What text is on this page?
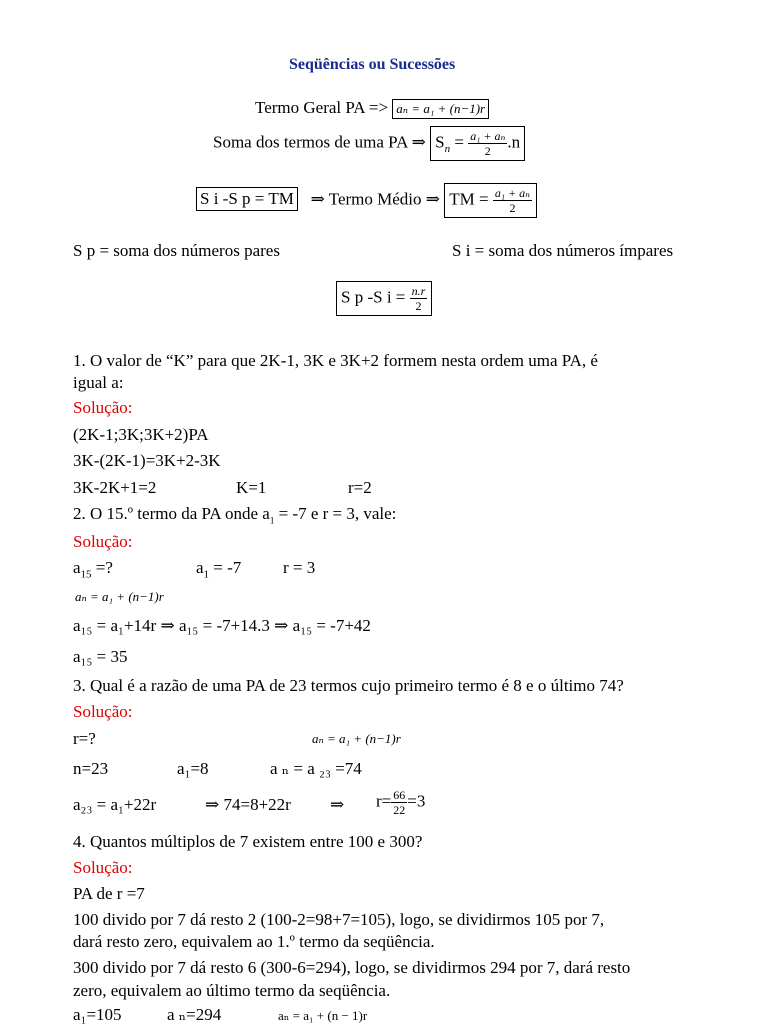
Seqüências ou Sucessões
Termo Geral PA => aₙ = a₁ + (n−1)r
Soma dos termos de uma PA ⇒ $S_n = \frac{\text{a₁ + aₙ}}{2} .n$
S i -S p = TM ⇒ Termo Médio ⇒ TM = $\frac{\text{a₁ + aₙ}}{2}$
S p = soma dos números pares	S i = soma dos números ímpares
S p -S $i = \frac{n.r}{2}$
1. O valor de “K” para que 2K-1, 3K e 3K+2 formem nesta ordem uma PA, é
igual a:
Solução:
(2K-1;3K;3K+2)PA
3K-(2K-1)=3K+2-3K
3K-2K+1=2	K=1	r=2
2. O 15.º termo da PA onde $a_1 = -7$ e r = 3, vale:
Solução:
$a_{15}$ =?	$a_1 = -7$ r = 3
aₙ = a₁ + (n−1)r
a₁₅ = a₁+14r ⇒ a₁₅ = -7+14.3 ⇒ a₁₅ = -7+42
a₁₅ = 35
3. Qual é a razão de uma PA de 23 termos cujo primeiro termo é 8 e o último 74?
Solução:
r=?	aₙ = a₁ + (n−1)r
n=23	a₁=8	a ₙ = a ₂₃ =74
a₂₃ = a₁+22r	⇒ 74=8+22r ⇒ $r= \frac{66}{22} =3$
4. Quantos múltiplos de 7 existem entre 100 e 300?
Solução:
PA de r =7
100 divido por 7 dá resto 2 (100-2=98+7=105), logo, se dividirmos 105 por 7,
dará resto zero, equivalem ao 1.º termo da seqüência.
300 divido por 7 dá resto 6 (300-6=294), logo, se dividirmos 294 por 7, dará resto
zero, equivalem ao último termo da seqüência.
a₁=105	a ₙ=294	aₙ = a₁ + (n − 1)r
